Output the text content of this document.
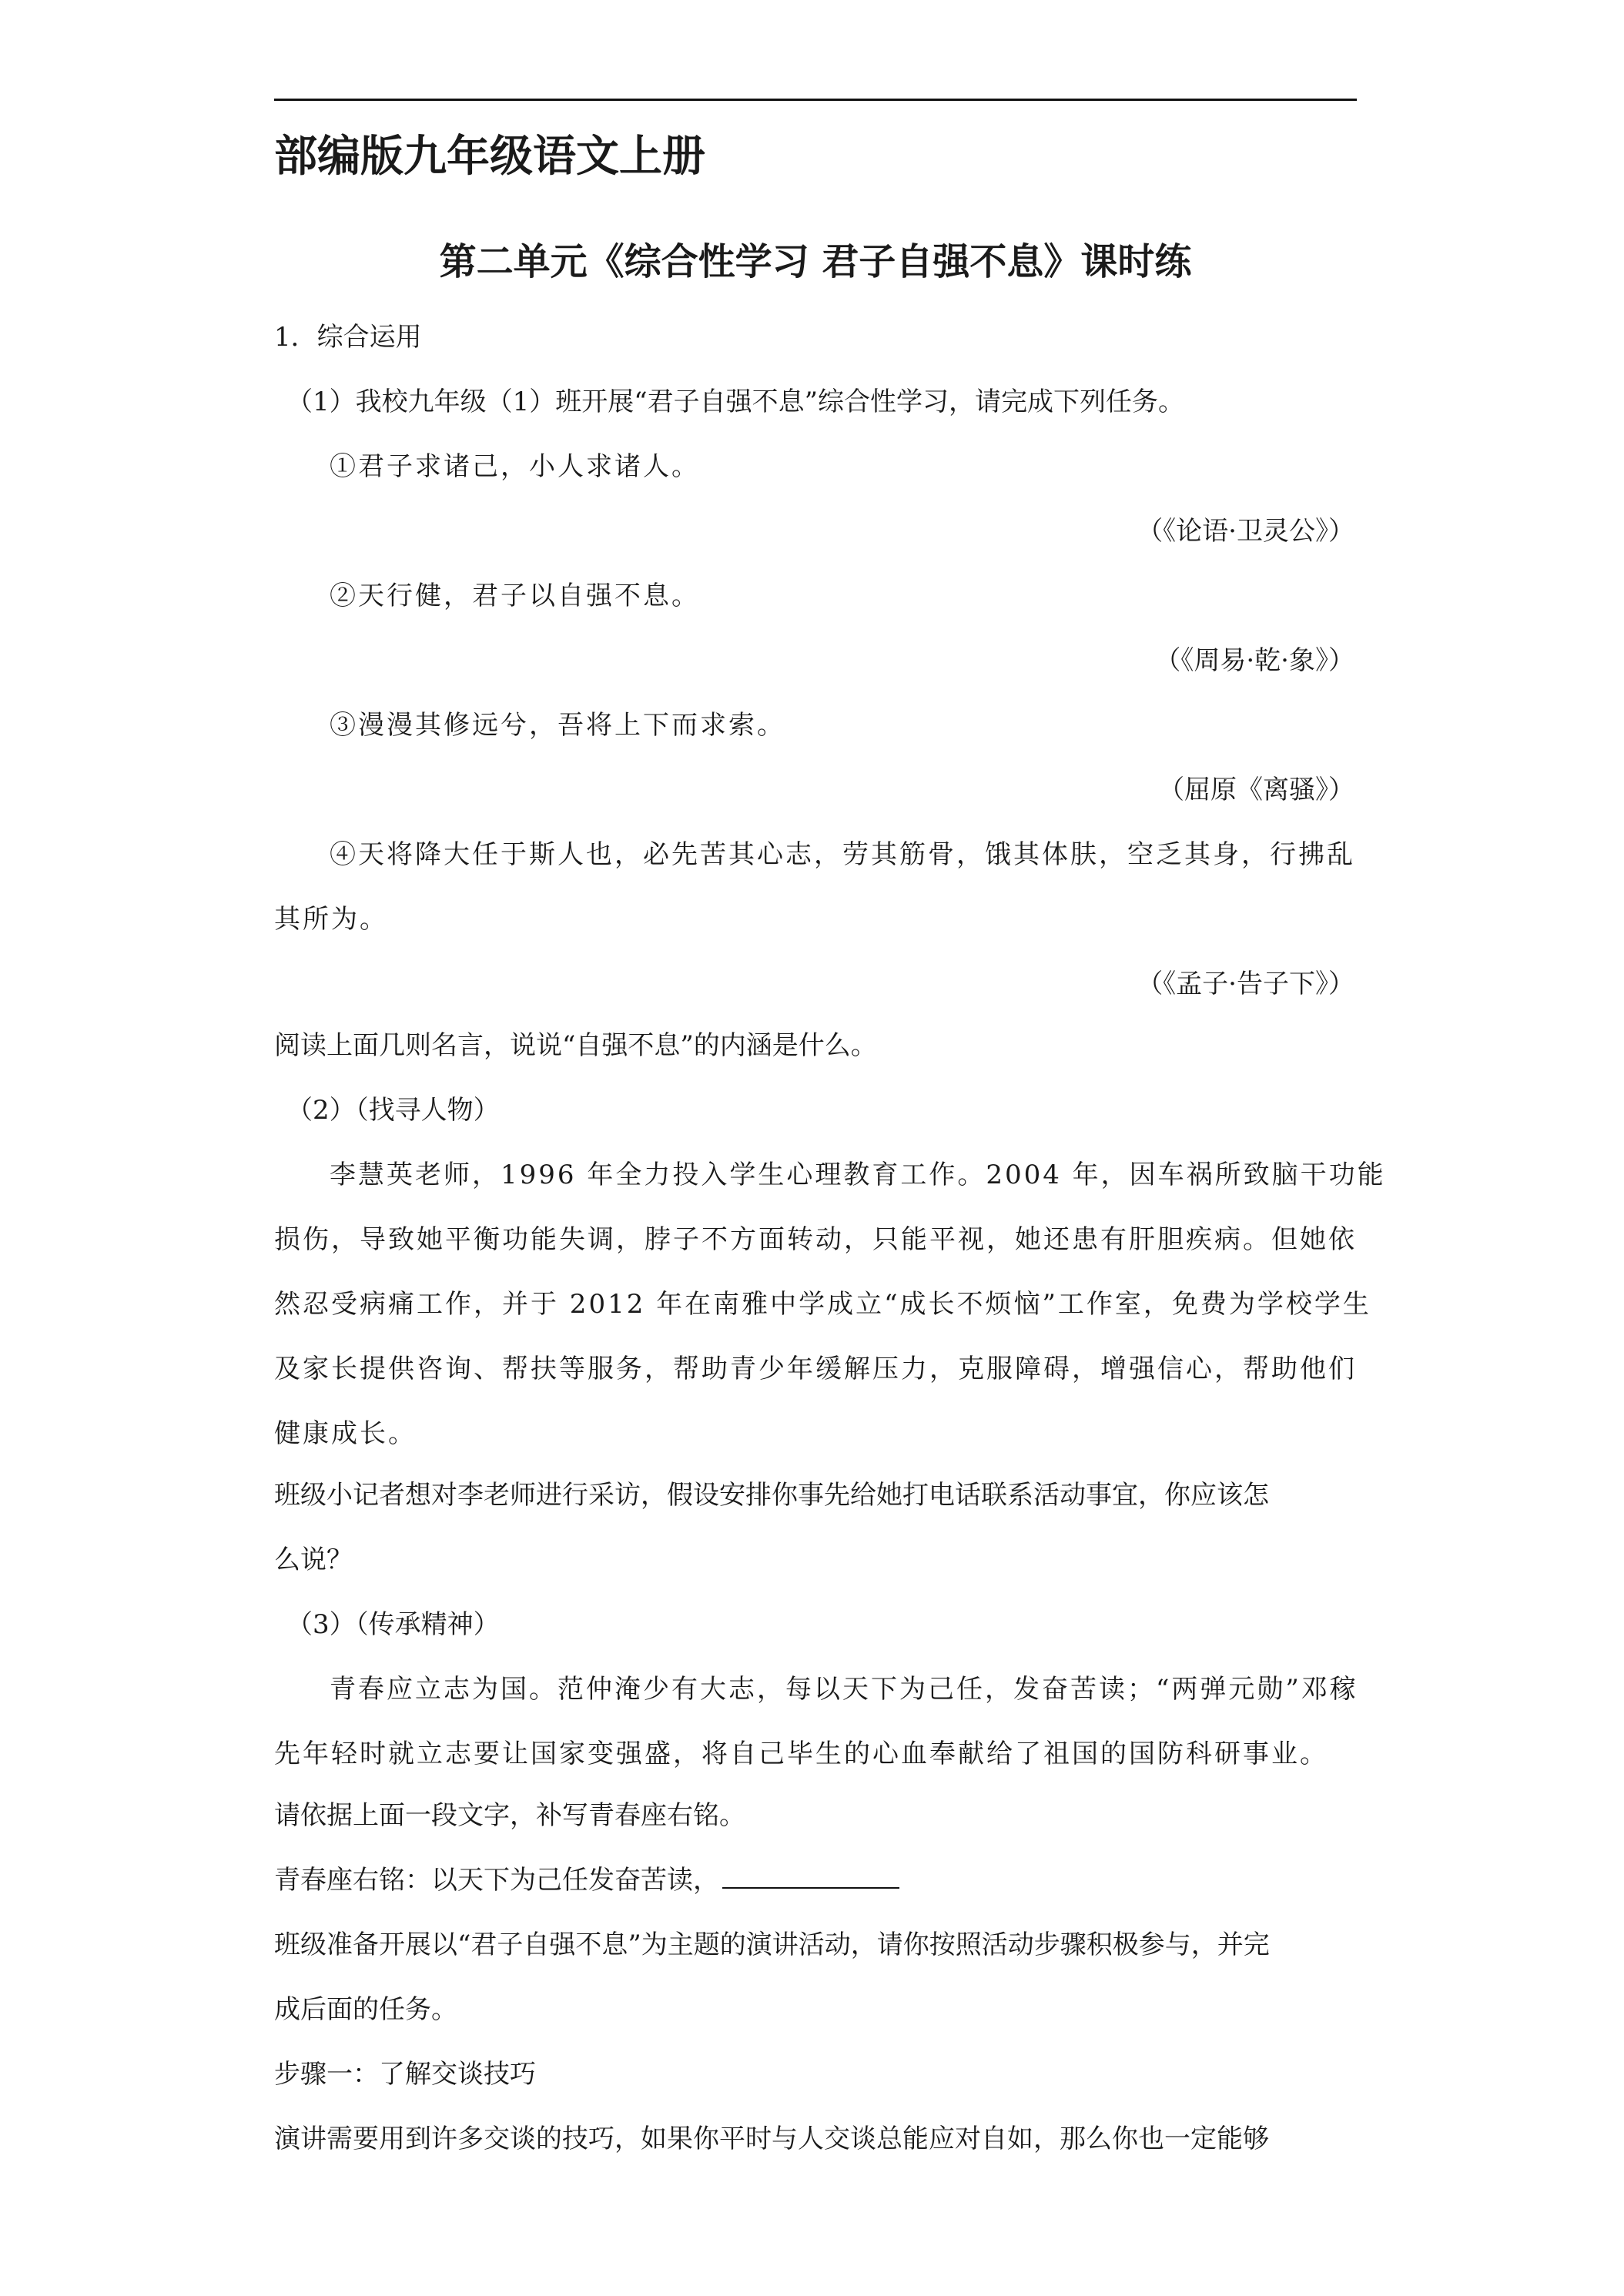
部编版九年级语文上册
第二单元《综合性学习 君子自强不息》课时练
1．综合运用
（1）我校九年级（1）班开展“君子自强不息”综合性学习，请完成下列任务。
①君子求诸己，小人求诸人。
（《论语·卫灵公》）
②天行健，君子以自强不息。
（《周易·乾·象》）
③漫漫其修远兮，吾将上下而求索。
（屈原《离骚》）
④天将降大任于斯人也，必先苦其心志，劳其筋骨，饿其体肤，空乏其身，行拂乱
其所为。
（《孟子·告子下》）
阅读上面几则名言，说说“自强不息”的内涵是什么。
（2）（找寻人物）
李慧英老师，1996 年全力投入学生心理教育工作。2004 年，因车祸所致脑干功能
损伤，导致她平衡功能失调，脖子不方面转动，只能平视，她还患有肝胆疾病。但她依
然忍受病痛工作，并于 2012 年在南雅中学成立“成长不烦恼”工作室，免费为学校学生
及家长提供咨询、帮扶等服务，帮助青少年缓解压力，克服障碍，增强信心，帮助他们
健康成长。
班级小记者想对李老师进行采访，假设安排你事先给她打电话联系活动事宜，你应该怎
么说？
（3）（传承精神）
青春应立志为国。范仲淹少有大志，每以天下为己任，发奋苦读；“两弹元勋”邓稼
先年轻时就立志要让国家变强盛，将自己毕生的心血奉献给了祖国的国防科研事业。
请依据上面一段文字，补写青春座右铭。
青春座右铭：以天下为己任发奋苦读，
班级准备开展以“君子自强不息”为主题的演讲活动，请你按照活动步骤积极参与，并完
成后面的任务。
步骤一：了解交谈技巧
演讲需要用到许多交谈的技巧，如果你平时与人交谈总能应对自如，那么你也一定能够
